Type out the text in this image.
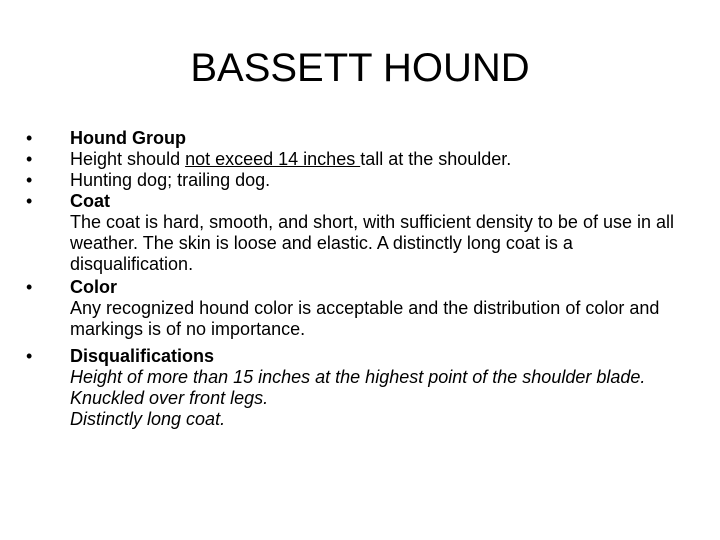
BASSETT HOUND
•	Hound Group
•	Height should not exceed 14 inches tall at the shoulder.
•	Hunting dog; trailing dog.
•	Coat
The coat is hard, smooth, and short, with sufficient density to be of use in all weather. The skin is loose and elastic. A distinctly long coat is a disqualification.
•	Color
Any recognized hound color is acceptable and the distribution of color and markings is of no importance.
•	Disqualifications
Height of more than 15 inches at the highest point of the shoulder blade.
Knuckled over front legs.
Distinctly long coat.
